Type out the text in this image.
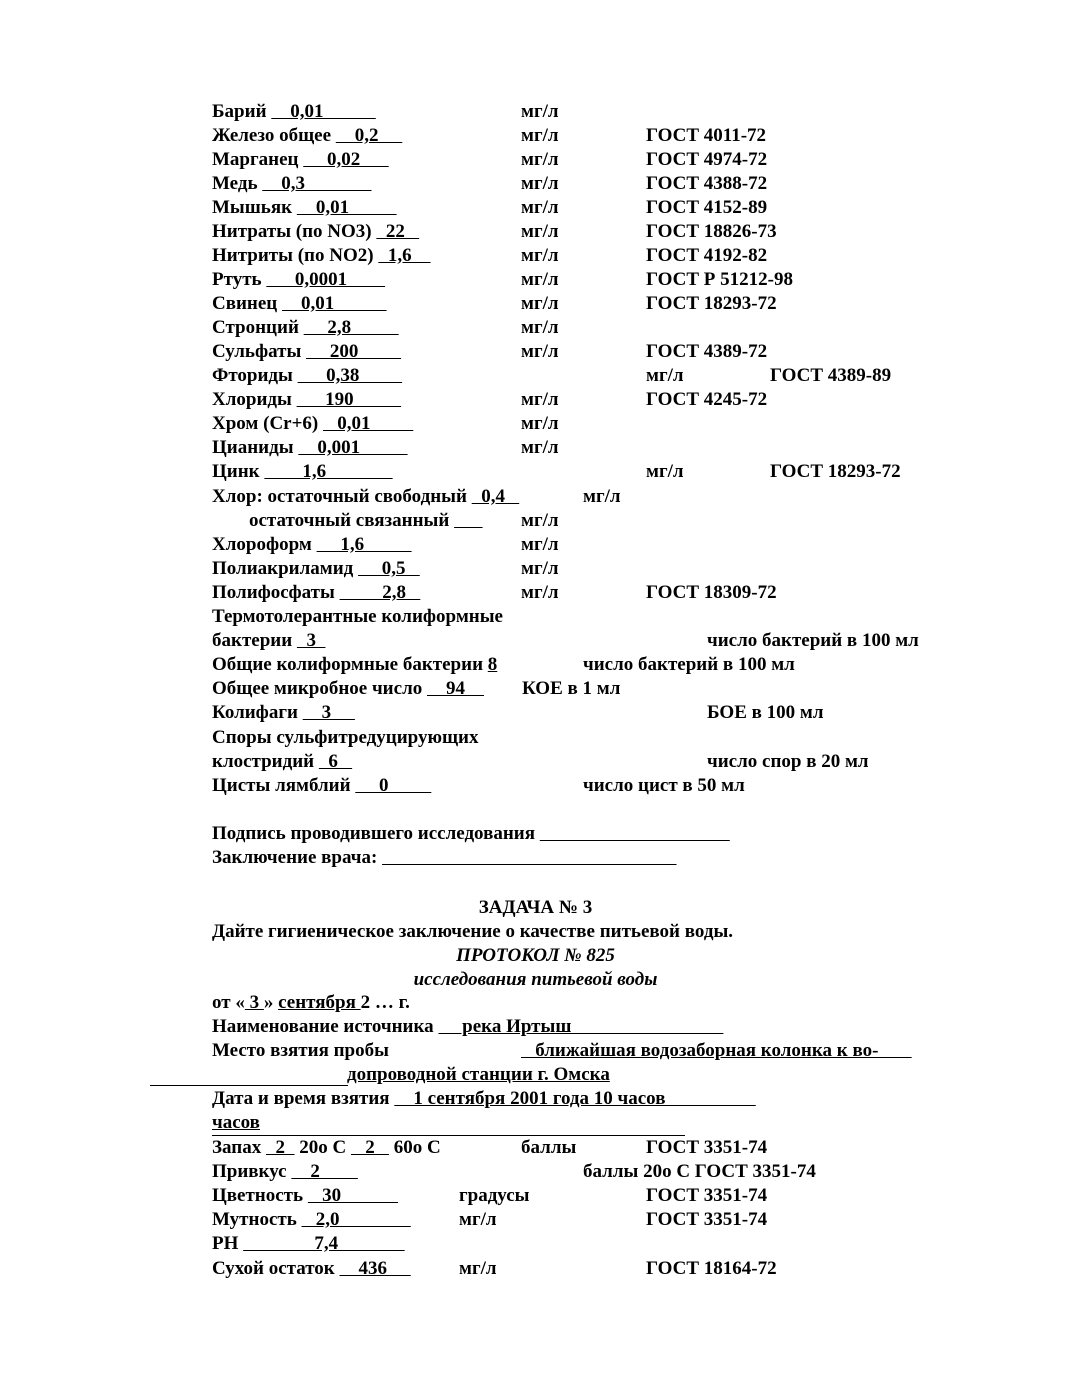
Барий     0,01	мг/л
Железо общее     0,2	мг/л	ГОСТ 4011-72
Марганец      0,02	мг/л	ГОСТ 4974-72
Медь     0,3	мг/л	ГОСТ 4388-72
Мышьяк     0,01	мг/л	ГОСТ 4152-89
Нитраты (по NO3)   22	мг/л	ГОСТ 18826-73
Нитриты (по NO2)   1,6	мг/л	ГОСТ 4192-82
Ртуть       0,0001	мг/л	ГОСТ Р 51212-98
Свинец     0,01	мг/л	ГОСТ 18293-72
Стронций      2,8	мг/л
Сульфаты      200	мг/л	ГОСТ 4389-72
Фториды       0,38	мг/л	ГОСТ 4389-89
Хлориды       190	мг/л	ГОСТ 4245-72
Хром (Cr+6)    0,01	мг/л
Цианиды     0,001	мг/л
Цинк         1,6	мг/л	ГОСТ 18293-72
Хлор: остаточный свободный   0,4	мг/л
остаточный связанный	мг/л
Хлороформ      1,6	мг/л
Полиакриламид      0,5	мг/л
Полифосфаты          2,8	мг/л	ГОСТ 18309-72
Термотолерантные колиформные
бактерии   3	число бактерий в 100 мл
Общие колиформные бактерии 8	число бактерий в 100 мл
Общее микробное число     94 КОЕ в 1 мл
Колифаги     3	БОЕ в 100 мл
Споры сульфитредуцирующих
клостридий   6	число спор в 20 мл
Цисты лямблий      0	число цист в 50 мл
Подпись проводившего исследования
Заключение врача:
от « 3 » сентября 2 … г.
Наименование источника      река Иртыш
Место взятия пробы	ближайшая водозаборная колонка к во-
допроводной станции г. Омска
Дата и время взятия     1 сентября 2001 года 10 часов
часов
Запах   2   20о С    2    60о С	баллы	ГОСТ 3351-74
Привкус     2	баллы 20о С ГОСТ 3351-74
Цветность    30	градусы	ГОСТ 3351-74
Мутность    2,0	мг/л	ГОСТ 3351-74
РН                7,4
Сухой остаток     436	мг/л	ГОСТ 18164-72
ЗАДАЧА № 3
Дайте гигиеническое заключение о качестве питьевой воды.
ПРОТОКОЛ № 825
исследования питьевой воды
